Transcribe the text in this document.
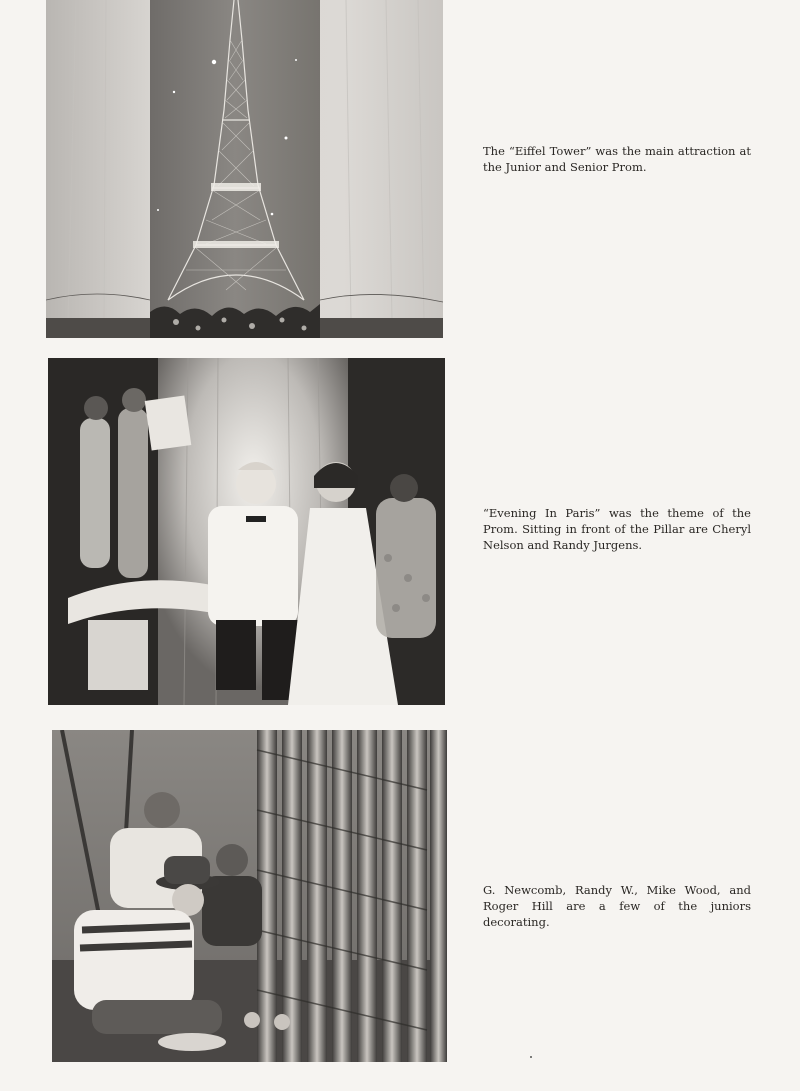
The “Eiffel Tower” was the main attraction at the Junior and Senior Prom.

“Evening In Paris” was the theme of the Prom. Sitting in front of the Pillar are Cheryl Nelson and Randy Jurgens.

G. Newcomb, Randy W., Mike Wood, and Roger Hill are a few of the juniors decorating.
